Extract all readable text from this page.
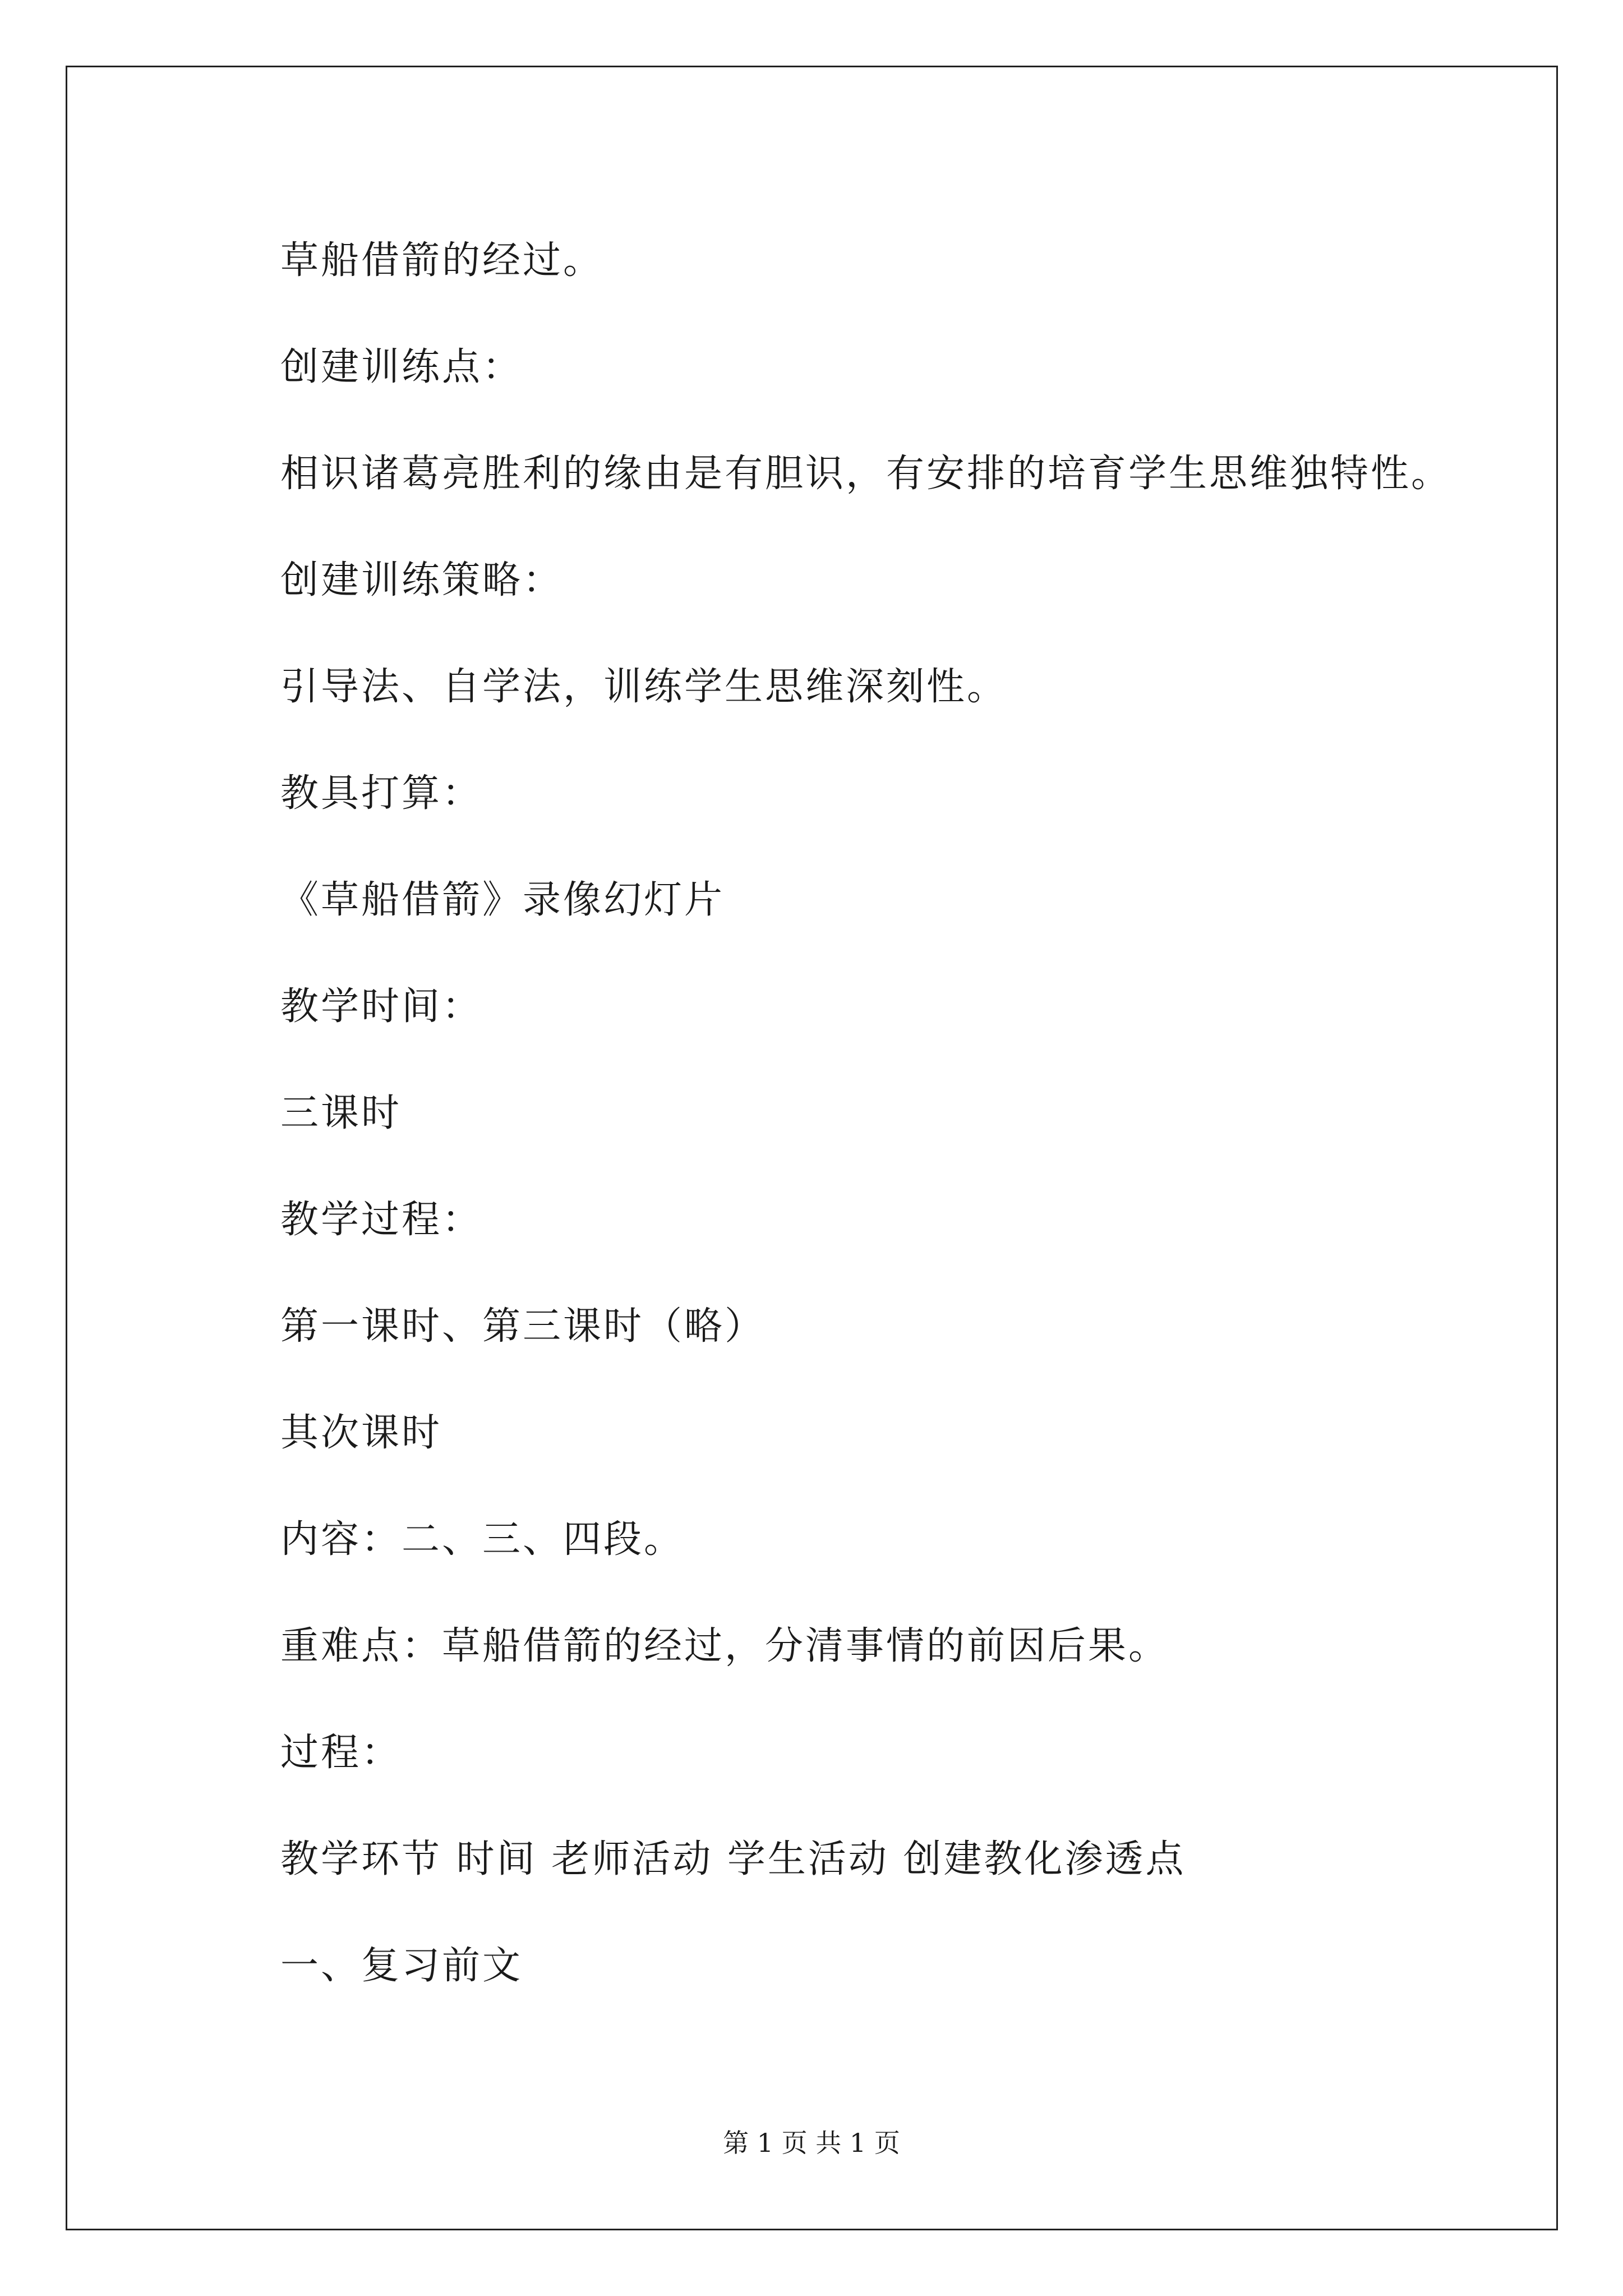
草船借箭的经过。
创建训练点：
相识诸葛亮胜利的缘由是有胆识，有安排的培育学生思维独特性。
创建训练策略：
引导法、自学法，训练学生思维深刻性。
教具打算：
《草船借箭》录像幻灯片
教学时间：
三课时
教学过程：
第一课时、第三课时（略）
其次课时
内容：二、三、四段。
重难点：草船借箭的经过，分清事情的前因后果。
过程：
教学环节 时间 老师活动 学生活动 创建教化渗透点
一、复习前文
第 1 页 共 1 页
